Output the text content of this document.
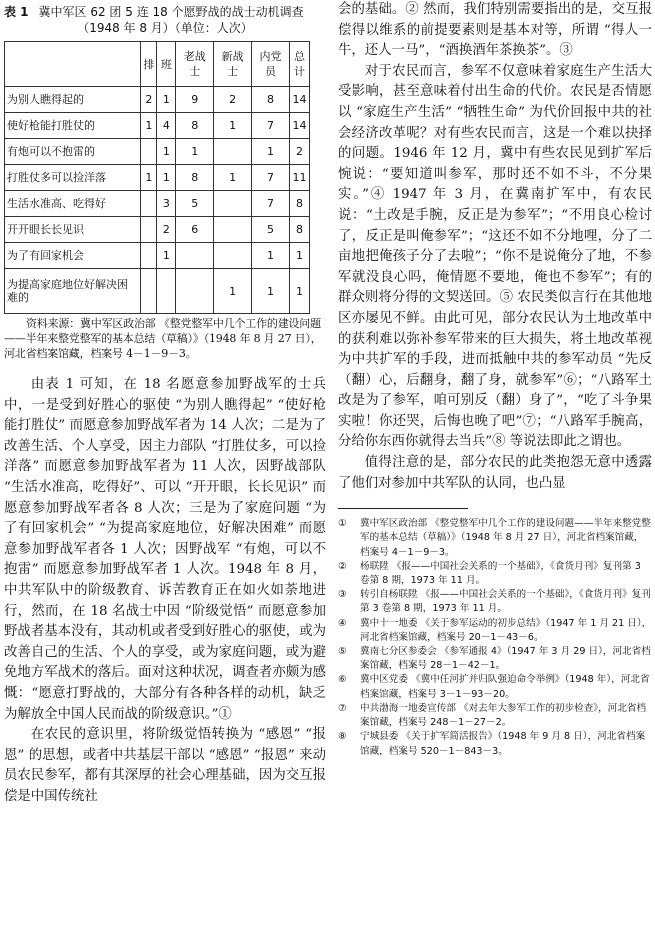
表 1 冀中军区 62 团 5 连 18 个愿野战的战士动机调查
（1948 年 8 月）（单位：人次）
	排	班	老战士	新战士	内党员	总计
为别人瞧得起的	2	1	9	2	8	14
使好枪能打胜仗的	1	4	8	1	7	14
有炮可以不抱雷的		1	1		1	2
打胜仗多可以捡洋落	1	1	8	1	7	11
生活水准高、吃得好		3	5		7	8
开开眼长长见识		2	6		5	8
为了有回家机会		1			1	1
为提高家庭地位好解决困难的				1	1	1
资料来源：冀中军区政治部 《整党整军中几个工作的建设问题——半年来整党整军的基本总结（草稿）》（1948 年 8 月 27 日），河北省档案馆藏，档案号 4－1－9－3。

由表 1 可知，在 18 名愿意参加野战军的士兵中，一是受到好胜心的驱使 “为别人瞧得起” “使好枪能打胜仗” 而愿意参加野战军者为 14 人次；二是为了改善生活、个人享受，因主力部队 “打胜仗多，可以捡洋落” 而愿意参加野战军者为 11 人次，因野战部队 “生活水准高，吃得好”、可以 “开开眼，长长见识” 而愿意参加野战军者各 8 人次；三是为了家庭问题 “为了有回家机会” “为提高家庭地位，好解决困难” 而愿意参加野战军者各 1 人次；因野战军 “有炮，可以不抱雷” 而愿意参加野战军者 1 人次。1948 年 8 月，中共军队中的阶级教育、诉苦教育正在如火如荼地进行，然而，在 18 名战士中因 “阶级觉悟” 而愿意参加野战者基本没有，其动机或者受到好胜心的驱使，或为改善自己的生活、个人的享受，或为家庭问题，或为避免地方军战术的落后。面对这种状况，调查者亦颇为感慨：“愿意打野战的，大部分有各种各样的动机，缺乏为解放全中国人民而战的阶级意识。”①

在农民的意识里，将阶级觉悟转换为 “感恩” “报恩” 的思想，或者中共基层干部以 “感恩” “报恩” 来动员农民参军，都有其深厚的社会心理基础，因为交互报偿是中国传统社

会的基础。② 然而，我们特别需要指出的是，交互报偿得以维系的前提要素则是基本对等，所谓 “得人一牛，还人一马”，“酒换酒年茶换茶”。③

对于农民而言，参军不仅意味着家庭生产生活大受影响，甚至意味着付出生命的代价。农民是否情愿以 “家庭生产生活” “牺牲生命” 为代价回报中共的社会经济改革呢？对有些农民而言，这是一个难以抉择的问题。1946 年 12 月，冀中有些农民见到扩军后惋说：“要知道叫参军，那时还不如不斗，不分果实。”④ 1947 年 3 月，在冀南扩军中，有农民说：“土改是手腕，反正是为参军”；“不用良心检讨了，反正是叫俺参军”；“这还不如不分地哩，分了二亩地把俺孩子分了去啦”；“你不是说俺分了地，不参军就没良心吗，俺情愿不要地，俺也不参军”；有的群众则将分得的文契送回。⑤ 农民类似言行在其他地区亦屡见不鲜。由此可见，部分农民认为土地改革中的获利难以弥补参军带来的巨大损失，将土地改革视为中共扩军的手段，进而抵触中共的参军动员 “先反（翻）心，后翻身，翻了身，就参军”⑥；“八路军土改是为了参军，咱可别反（翻）身了”，“吃了斗争果实啦！你还哭，后悔也晚了吧”⑦；“八路军手腕高，分给你东西你就得去当兵”⑧ 等说法即此之谓也。

值得注意的是，部分农民的此类抱怨无意中透露了他们对参加中共军队的认同，也凸显

① 冀中军区政治部 《整党整军中几个工作的建设问题——半年来整党整军的基本总结（草稿）》（1948 年 8 月 27 日），河北省档案馆藏，档案号 4－1－9－3。
② 杨联陞 《报——中国社会关系的一个基础》，《食货月刊》复刊第 3 卷第 8 期，1973 年 11 月。
③ 转引自杨联陞 《报——中国社会关系的一个基础》，《食货月刊》复刊第 3 卷第 8 期，1973 年 11 月。
④ 冀中十一地委 《关于参军运动的初步总结》（1947 年 1 月 21 日），河北省档案馆藏，档案号 20－1－43－6。
⑤ 冀南七分区参委会 《参军通报 4》（1947 年 3 月 29 日），河北省档案馆藏，档案号 28－1－42－1。
⑥ 冀中区党委 《冀中任河扩并归队强迫命令举例》（1948 年），河北省档案馆藏，档案号 3－1－93－20。
⑦ 中共渤海一地委宣传部 《对去年大参军工作的初步检查》，河北省档案馆藏，档案号 248－1－27－2。
⑧ 宁城县委 《关于扩军简活报告》（1948 年 9 月 8 日），河北省档案馆藏，档案号 520－1－843－3。
